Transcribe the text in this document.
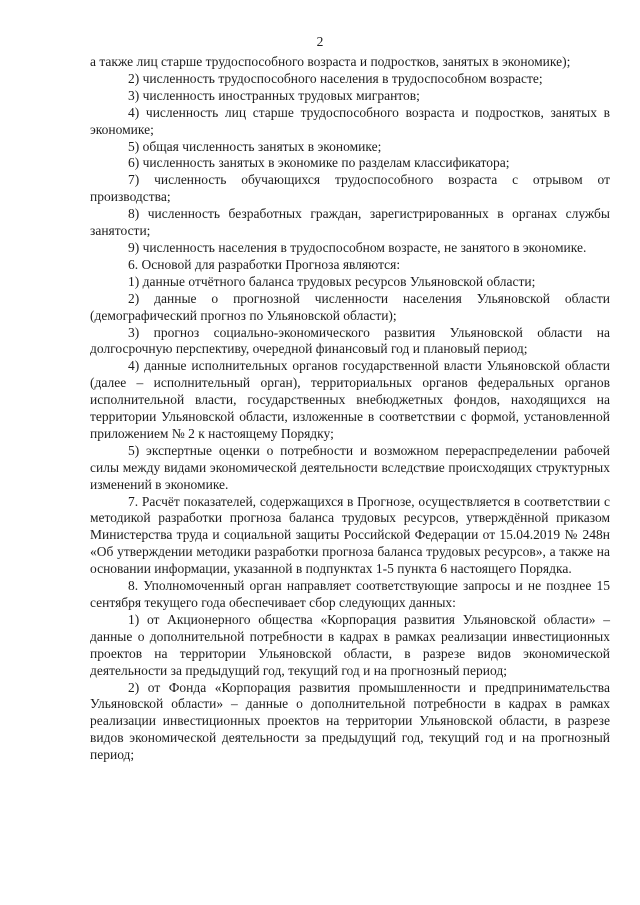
2

а также лиц старше трудоспособного возраста и подростков, занятых в экономике);

2) численность трудоспособного населения в трудоспособном возрасте;

3) численность иностранных трудовых мигрантов;

4) численность лиц старше трудоспособного возраста и подростков, занятых в экономике;

5) общая численность занятых в экономике;

6) численность занятых в экономике по разделам классификатора;

7) численность обучающихся трудоспособного возраста с отрывом от производства;

8) численность безработных граждан, зарегистрированных в органах службы занятости;

9) численность населения в трудоспособном возрасте, не занятого в экономике.

6. Основой для разработки Прогноза являются:

1) данные отчётного баланса трудовых ресурсов Ульяновской области;

2) данные о прогнозной численности населения Ульяновской области (демографический прогноз по Ульяновской области);

3) прогноз социально-экономического развития Ульяновской области на долгосрочную перспективу, очередной финансовый год и плановый период;

4) данные исполнительных органов государственной власти Ульяновской области (далее – исполнительный орган), территориальных органов федеральных органов исполнительной власти, государственных внебюджетных фондов, находящихся на территории Ульяновской области, изложенные в соответствии с формой, установленной приложением № 2 к настоящему Порядку;

5) экспертные оценки о потребности и возможном перераспределении рабочей силы между видами экономической деятельности вследствие происходящих структурных изменений в экономике.

7. Расчёт показателей, содержащихся в Прогнозе, осуществляется в соответствии с методикой разработки прогноза баланса трудовых ресурсов, утверждённой приказом Министерства труда и социальной защиты Российской Федерации от 15.04.2019 № 248н «Об утверждении методики разработки прогноза баланса трудовых ресурсов», а также на основании информации, указанной в подпунктах 1-5 пункта 6 настоящего Порядка.

8. Уполномоченный орган направляет соответствующие запросы и не позднее 15 сентября текущего года обеспечивает сбор следующих данных:

1) от Акционерного общества «Корпорация развития Ульяновской области» – данные о дополнительной потребности в кадрах в рамках реализации инвестиционных проектов на территории Ульяновской области, в разрезе видов экономической деятельности за предыдущий год, текущий год и на прогнозный период;

2) от Фонда «Корпорация развития промышленности и предпринимательства Ульяновской области» – данные о дополнительной потребности в кадрах в рамках реализации инвестиционных проектов на территории Ульяновской области, в разрезе видов экономической деятельности за предыдущий год, текущий год и на прогнозный период;
